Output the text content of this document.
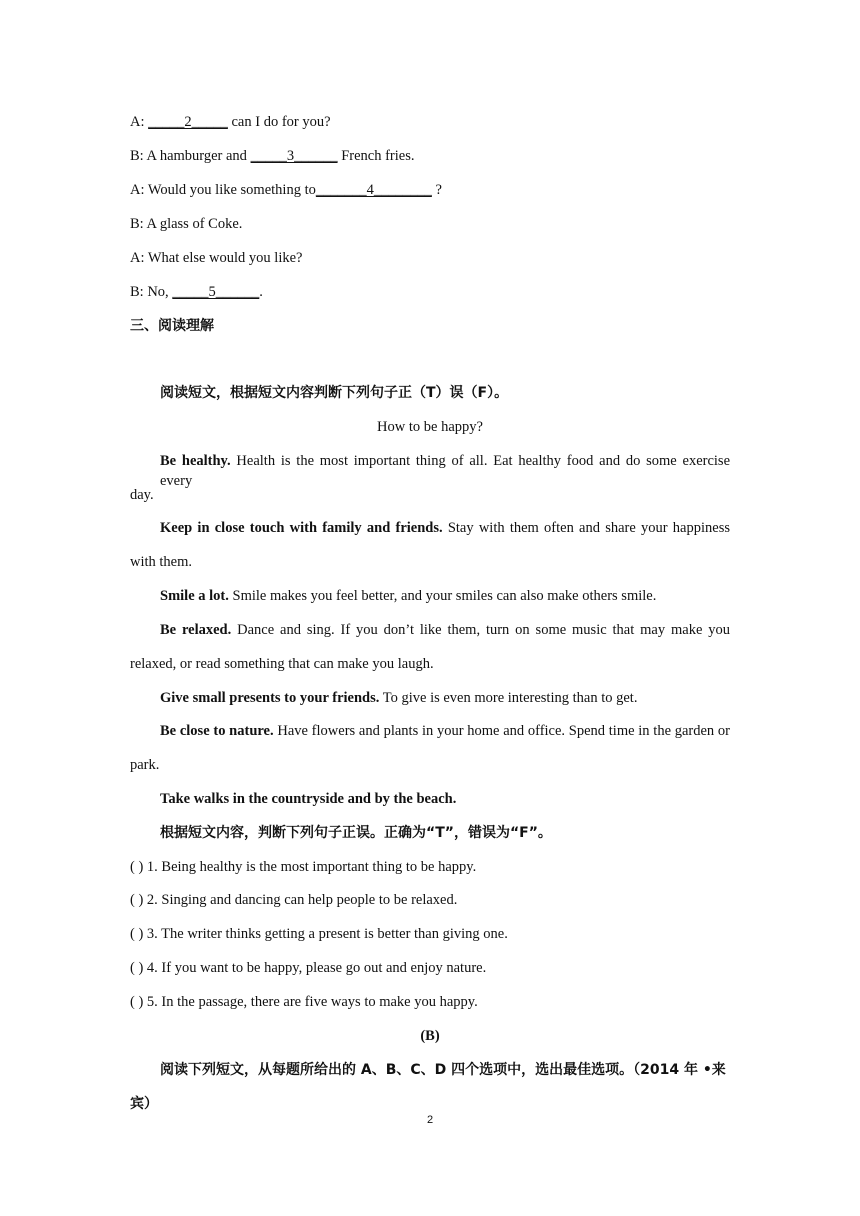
A: _____2_____ can I do for you?
B: A hamburger and _____3______ French fries.
A: Would you like something to_______4________ ?
B: A glass of Coke.
A: What else would you like?
B: No, _____5______.
三、阅读理解
阅读短文，根据短文内容判断下列句子正（T）误（F）。
How to be happy?
Be healthy. Health is the most important thing of all. Eat healthy food and do some exercise every
day.
Keep in close touch with family and friends. Stay with them often and share your happiness
with them.
Smile a lot. Smile makes you feel better, and your smiles can also make others smile.
Be relaxed. Dance and sing. If you don’t like them, turn on some music that may make you
relaxed, or read something that can make you laugh.
Give small presents to your friends. To give is even more interesting than to get.
Be close to nature. Have flowers and plants in your home and office. Spend time in the garden or
park.
Take walks in the countryside and by the beach.
根据短文内容，判断下列句子正误。正确为“T”，错误为“F”。
( ) 1. Being healthy is the most important thing to be happy.
( ) 2. Singing and dancing can help people to be relaxed.
( ) 3. The writer thinks getting a present is better than giving one.
( ) 4. If you want to be happy, please go out and enjoy nature.
( ) 5. In the passage, there are five ways to make you happy.
(B)
阅读下列短文，从每题所给出的 A、B、C、D 四个选项中，选出最佳选项。（2014 年 •来
宾）
2
